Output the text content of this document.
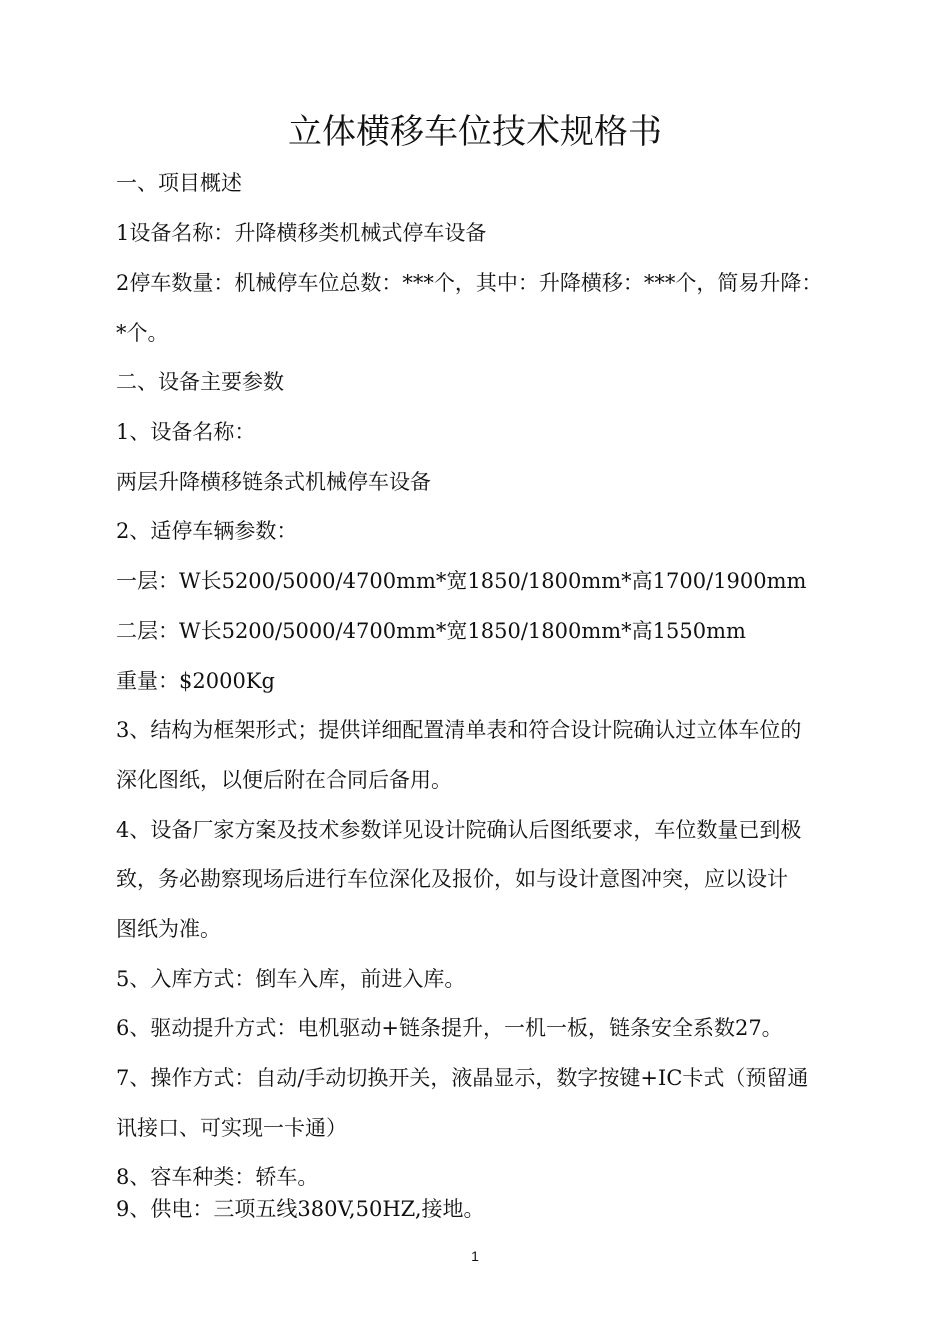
立体横移车位技术规格书
一、项目概述
1设备名称：升降横移类机械式停车设备
2停车数量：机械停车位总数：***个，其中：升降横移：***个，简易升降：
*个。
二、设备主要参数
1、设备名称：
两层升降横移链条式机械停车设备
2、适停车辆参数：
一层：W长5200/5000/4700mm*宽1850/1800mm*高1700/1900mm
二层：W长5200/5000/4700mm*宽1850/1800mm*高1550mm
重量：$2000Kg
3、结构为框架形式；提供详细配置清单表和符合设计院确认过立体车位的
深化图纸，以便后附在合同后备用。
4、设备厂家方案及技术参数详见设计院确认后图纸要求，车位数量已到极
致，务必勘察现场后进行车位深化及报价，如与设计意图冲突，应以设计
图纸为准。
5、入库方式：倒车入库，前进入库。
6、驱动提升方式：电机驱动+链条提升，一机一板，链条安全系数27。
7、操作方式：自动/手动切换开关，液晶显示，数字按键+IC卡式（预留通
讯接口、可实现一卡通）
8、容车种类：轿车。
9、供电：三项五线380V,50HZ,接地。
1
